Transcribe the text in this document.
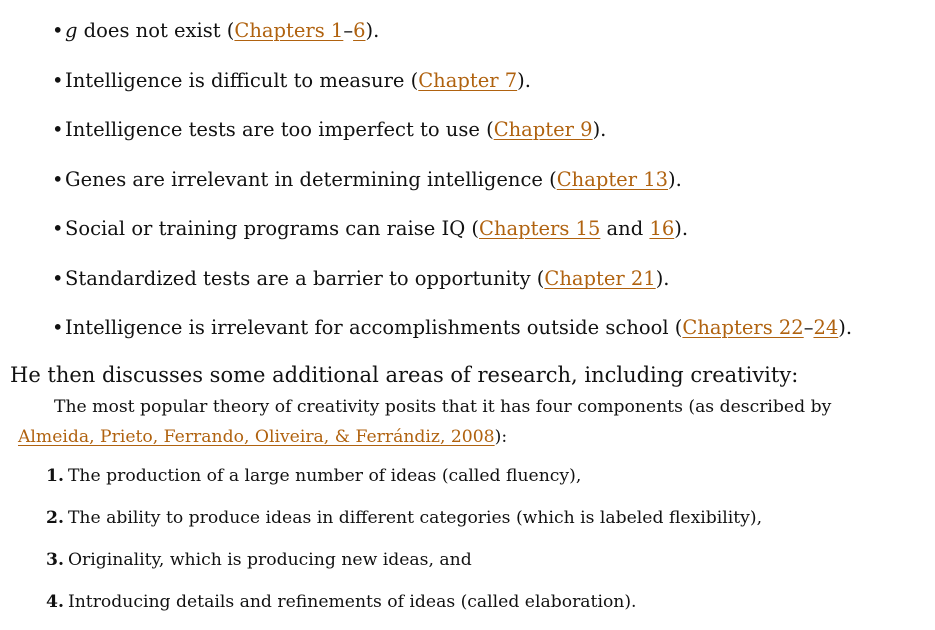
•g does not exist (Chapters 1–6).
•Intelligence is difficult to measure (Chapter 7).
•Intelligence tests are too imperfect to use (Chapter 9).
•Genes are irrelevant in determining intelligence (Chapter 13).
•Social or training programs can raise IQ (Chapters 15 and 16).
•Standardized tests are a barrier to opportunity (Chapter 21).
•Intelligence is irrelevant for accomplishments outside school (Chapters 22–24).

He then discusses some additional areas of research, including creativity:

The most popular theory of creativity posits that it has four components (as described by Almeida, Prieto, Ferrando, Oliveira, & Ferrándiz, 2008):

1. The production of a large number of ideas (called fluency),
2. The ability to produce ideas in different categories (which is labeled flexibility),
3. Originality, which is producing new ideas, and
4. Introducing details and refinements of ideas (called elaboration).
